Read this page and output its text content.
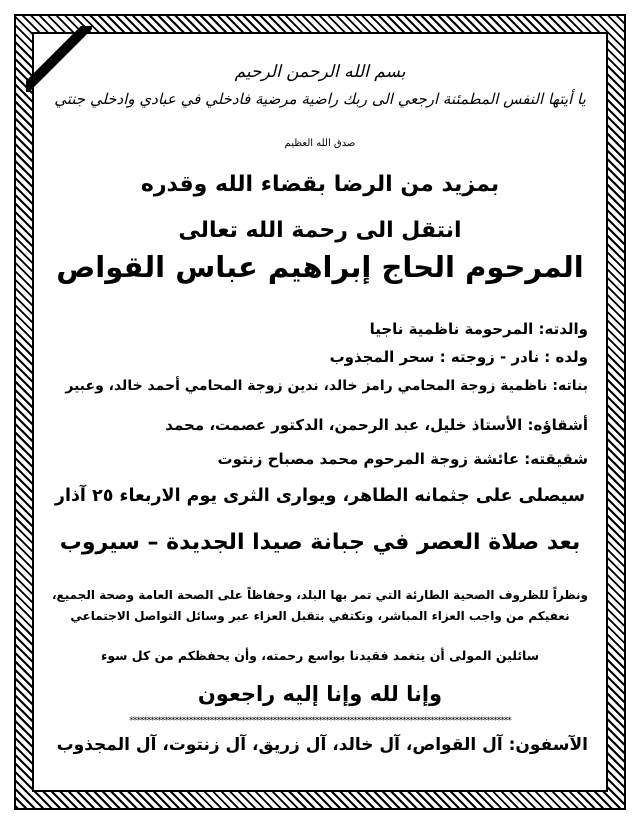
بسم الله الرحمن الرحيم
يا أيتها النفس المطمئنة ارجعي الى ربك راضية مرضية فادخلي في عبادي وادخلي جنتي
صدق الله العظيم
بمزيد من الرضا بقضاء الله وقدره
انتقل الى رحمة الله تعالى
المرحوم الحاج إبراهيم عباس القواص
والدته: المرحومة ناظمية ناجيا
ولده : نادر - زوجته : سحر المجذوب
بناته: ناظمية زوجة المحامي رامز خالد، ندين زوجة المحامي أحمد خالد، وعبير
أشقاؤه: الأستاذ خليل، عبد الرحمن، الدكتور عصمت، محمد
شقيقته: عائشة زوجة المرحوم محمد مصباح زنتوت
سيصلى على جثمانه الطاهر، ويوارى الثرى يوم الاربعاء ٢٥ آذار
بعد صلاة العصر في جبانة صيدا الجديدة – سيروب
ونظراً للظروف الصحية الطارئة التي تمر بها البلد، وحفاظاً على الصحة العامة وصحة الجميع،
نعفيكم من واجب العزاء المباشر، ونكتفي بتقبل العزاء عبر وسائل التواصل الاجتماعي
سائلين المولى أن يتغمد فقيدنا بواسع رحمته، وأن يحفظكم من كل سوء
وإنا لله وإنا إليه راجعون
*************************************************************************************************************
الآسفون: آل القواص، آل خالد، آل زريق، آل زنتوت، آل المجذوب
